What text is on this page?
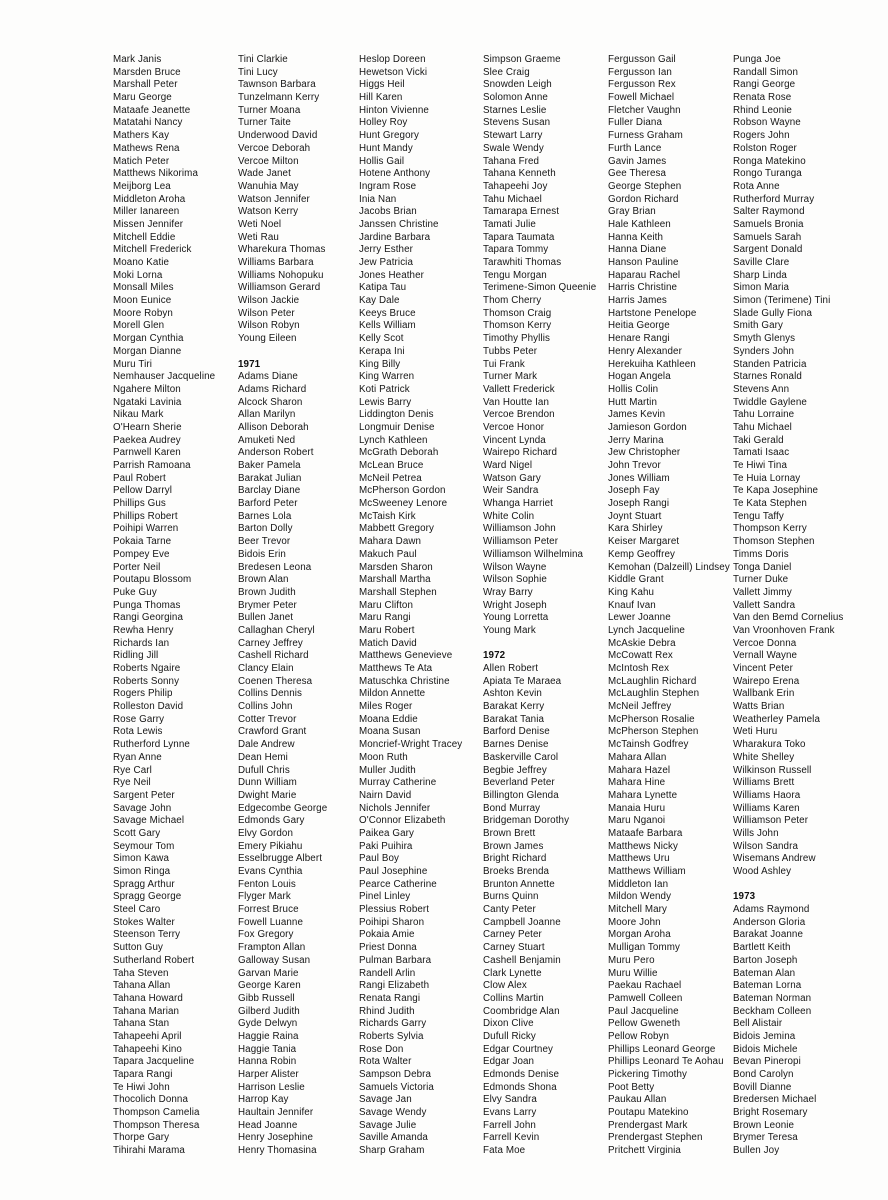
Mark Janis
Marsden Bruce
Marshall Peter
Maru George
Mataafe Jeanette
Matatahi Nancy
Mathers Kay
Mathews Rena
Matich Peter
Matthews Nikorima
Meijborg Lea
Middleton Aroha
Miller Ianareen
Missen Jennifer
Mitchell Eddie
Mitchell Frederick
Moano Katie
Moki Lorna
Monsall Miles
Moon Eunice
Moore Robyn
Morell Glen
Morgan Cynthia
Morgan Dianne
Muru Tiri
Nemhauser Jacqueline
Ngahere Milton
Ngataki Lavinia
Nikau Mark
O'Hearn Sherie
Paekea Audrey
Parnwell Karen
Parrish Ramoana
Paul Robert
Pellow Darryl
Phillips Gus
Phillips Robert
Poihipi Warren
Pokaia Tarne
Pompey Eve
Porter Neil
Poutapu Blossom
Puke Guy
Punga Thomas
Rangi Georgina
Rewha Henry
Richards Ian
Ridling Jill
Roberts Ngaire
Roberts Sonny
Rogers Philip
Rolleston David
Rose Garry
Rota Lewis
Rutherford Lynne
Ryan Anne
Rye Carl
Rye Neil
Sargent Peter
Savage John
Savage Michael
Scott Gary
Seymour Tom
Simon Kawa
Simon Ringa
Spragg Arthur
Spragg George
Steel Caro
Stokes Walter
Steenson Terry
Sutton Guy
Sutherland Robert
Taha Steven
Tahana Allan
Tahana Howard
Tahana Marian
Tahana Stan
Tahapeehi April
Tahapeehi Kino
Tapara Jacqueline
Tapara Rangi
Te Hiwi John
Thocolich Donna
Thompson Camelia
Thompson Theresa
Thorpe Gary
Tihirahi Marama
Tini Clarkie
Tini Lucy
Tawnson Barbara
Tunzelmann Kerry
Turner Moana
Turner Taite
Underwood David
Vercoe Deborah
Vercoe Milton
Wade Janet
Wanuhia May
Watson Jennifer
Watson Kerry
Weti Noel
Weti Rau
Wharekura Thomas
Williams Barbara
Williams Nohopuku
Williamson Gerard
Wilson Jackie
Wilson Peter
Wilson Robyn
Young Eileen
1971
Adams Diane
Adams Richard
Alcock Sharon
Allan Marilyn
Allison Deborah
Amuketi Ned
Anderson Robert
Baker Pamela
Barakat Julian
Barclay Diane
Barford Peter
Barnes Lola
Barton Dolly
Beer Trevor
Bidois Erin
Bredesen Leona
Brown Alan
Brown Judith
Brymer Peter
Bullen Janet
Callaghan Cheryl
Carney Jeffrey
Cashell Richard
Clancy Elain
Coenen Theresa
Collins Dennis
Collins John
Cotter Trevor
Crawford Grant
Dale Andrew
Dean Hemi
Dufull Chris
Dunn William
Dwight Marie
Edgecombe George
Edmonds Gary
Elvy Gordon
Emery Pikiahu
Esselbrugge Albert
Evans Cynthia
Fenton Louis
Flyger Mark
Forrest Bruce
Fowell Luanne
Fox Gregory
Frampton Allan
Galloway Susan
Garvan Marie
George Karen
Gibb Russell
Gilberd Judith
Gyde Delwyn
Haggie Raina
Haggie Tania
Hanna Robin
Harper Alister
Harrison Leslie
Harrop Kay
Haultain Jennifer
Head Joanne
Henry Josephine
Henry Thomasina
Heslop Doreen
Hewetson Vicki
Higgs Heil
Hill Karen
Hinton Vivienne
Holley Roy
Hunt Gregory
Hunt Mandy
Hollis Gail
Hotene Anthony
Ingram Rose
Inia Nan
Jacobs Brian
Janssen Christine
Jardine Barbara
Jerry Esther
Jew Patricia
Jones Heather
Katipa Tau
Kay Dale
Keeys Bruce
Kells William
Kelly Scot
Kerapa Ini
King Billy
King Warren
Koti Patrick
Lewis Barry
Liddington Denis
Longmuir Denise
Lynch Kathleen
McGrath Deborah
McLean Bruce
McNeil Petrea
McPherson Gordon
McSweeney Lenore
McTaish Kirk
Mabbett Gregory
Mahara Dawn
Makuch Paul
Marsden Sharon
Marshall Martha
Marshall Stephen
Maru Clifton
Maru Rangi
Maru Robert
Matich David
Matthews Genevieve
Matthews Te Ata
Matuschka Christine
Mildon Annette
Miles Roger
Moana Eddie
Moana Susan
Moncrief-Wright Tracey
Moon Ruth
Muller Judith
Murray Catherine
Nairn David
Nichols Jennifer
O'Connor Elizabeth
Paikea Gary
Paki Puihira
Paul Boy
Paul Josephine
Pearce Catherine
Pinel Linley
Plessius Robert
Poihipi Sharon
Pokaia Amie
Priest Donna
Pulman Barbara
Randell Arlin
Rangi Elizabeth
Renata Rangi
Rhind Judith
Richards Garry
Roberts Sylvia
Rose Don
Rota Walter
Sampson Debra
Samuels Victoria
Savage Jan
Savage Wendy
Savage Julie
Saville Amanda
Sharp Graham
Simpson Graeme
Slee Craig
Snowden Leigh
Solomon Anne
Starnes Leslie
Stevens Susan
Stewart Larry
Swale Wendy
Tahana Fred
Tahana Kenneth
Tahapeehi Joy
Tahu Michael
Tamarapa Ernest
Tamati Julie
Tapara Taumata
Tapara Tommy
Tarawhiti Thomas
Tengu Morgan
Terimene-Simon Queenie
Thom Cherry
Thomson Craig
Thomson Kerry
Timothy Phyllis
Tubbs Peter
Tui Frank
Turner Mark
Vallett Frederick
Van Houtte Ian
Vercoe Brendon
Vercoe Honor
Vincent Lynda
Wairepo Richard
Ward Nigel
Watson Gary
Weir Sandra
Whanga Harriet
White Colin
Williamson John
Williamson Peter
Williamson Wilhelmina
Wilson Wayne
Wilson Sophie
Wray Barry
Wright Joseph
Young Lorretta
Young Mark
1972
Allen Robert
Apiata Te Maraea
Ashton Kevin
Barakat Kerry
Barakat Tania
Barford Denise
Barnes Denise
Baskerville Carol
Begbie Jeffrey
Beverland Peter
Billington Glenda
Bond Murray
Bridgeman Dorothy
Brown Brett
Brown James
Bright Richard
Broeks Brenda
Brunton Annette
Burns Quinn
Canty Peter
Campbell Joanne
Carney Peter
Carney Stuart
Cashell Benjamin
Clark Lynette
Clow Alex
Collins Martin
Coombridge Alan
Dixon Clive
Dufull Ricky
Edgar Courtney
Edgar Joan
Edmonds Denise
Edmonds Shona
Elvy Sandra
Evans Larry
Farrell John
Farrell Kevin
Fata Moe
Fergusson Gail
Fergusson Ian
Fergusson Rex
Fowell Michael
Fletcher Vaughn
Fuller Diana
Furness Graham
Furth Lance
Gavin James
Gee Theresa
George Stephen
Gordon Richard
Gray Brian
Hale Kathleen
Hanna Keith
Hanna Diane
Hanson Pauline
Haparau Rachel
Harris Christine
Harris James
Hartstone Penelope
Heitia George
Henare Rangi
Henry Alexander
Herekuiha Kathleen
Hogan Angela
Hollis Colin
Hutt Martin
James Kevin
Jamieson Gordon
Jerry Marina
Jew Christopher
John Trevor
Jones William
Joseph Fay
Joseph Rangi
Joynt Stuart
Kara Shirley
Keiser Margaret
Kemp Geoffrey
Kemohan (Dalzeill) Lindsey
Kiddle Grant
King Kahu
Knauf Ivan
Lewer Joanne
Lynch Jacqueline
McAskie Debra
McCowatt Rex
McIntosh Rex
McLaughlin Richard
McLaughlin Stephen
McNeil Jeffrey
McPherson Rosalie
McPherson Stephen
McTainsh Godfrey
Mahara Allan
Mahara Hazel
Mahara Hine
Mahara Lynette
Manaia Huru
Maru Nganoi
Mataafe Barbara
Matthews Nicky
Matthews Uru
Matthews William
Middleton Ian
Mildon Wendy
Mitchell Mary
Moore John
Morgan Aroha
Mulligan Tommy
Muru Pero
Muru Willie
Paekau Rachael
Pamwell Colleen
Paul Jacqueline
Pellow Gweneth
Pellow Robyn
Phillips Leonard George
Phillips Leonard Te Aohau
Pickering Timothy
Poot Betty
Paukau Allan
Poutapu Matekino
Prendergast Mark
Prendergast Stephen
Pritchett Virginia
Punga Joe
Randall Simon
Rangi George
Renata Rose
Rhind Leonie
Robson Wayne
Rogers John
Rolston Roger
Ronga Matekino
Rongo Turanga
Rota Anne
Rutherford Murray
Salter Raymond
Samuels Bronia
Samuels Sarah
Sargent Donald
Saville Clare
Sharp Linda
Simon Maria
Simon (Terimene) Tini
Slade Gully Fiona
Smith Gary
Smyth Glenys
Synders John
Standen Patricia
Starnes Ronald
Stevens Ann
Twiddle Gaylene
Tahu Lorraine
Tahu Michael
Taki Gerald
Tamati Isaac
Te Hiwi Tina
Te Huia Lornay
Te Kapa Josephine
Te Kata Stephen
Tengu Taffy
Thompson Kerry
Thomson Stephen
Timms Doris
Tonga Daniel
Turner Duke
Vallett Jimmy
Vallett Sandra
Van den Bemd Cornelius
Van Vroonhoven Frank
Vercoe Donna
Vernall Wayne
Vincent Peter
Wairepo Erena
Wallbank Erin
Watts Brian
Weatherley Pamela
Weti Huru
Wharakura Toko
White Shelley
Wilkinson Russell
Williams Brett
Williams Haora
Williams Karen
Williamson Peter
Wills John
Wilson Sandra
Wisemans Andrew
Wood Ashley
1973
Adams Raymond
Anderson Gloria
Barakat Joanne
Bartlett Keith
Barton Joseph
Bateman Alan
Bateman Lorna
Bateman Norman
Beckham Colleen
Bell Alistair
Bidois Jemina
Bidois Michele
Bevan Pineropi
Bond Carolyn
Bovill Dianne
Bredersen Michael
Bright Rosemary
Brown Leonie
Brymer Teresa
Bullen Joy
